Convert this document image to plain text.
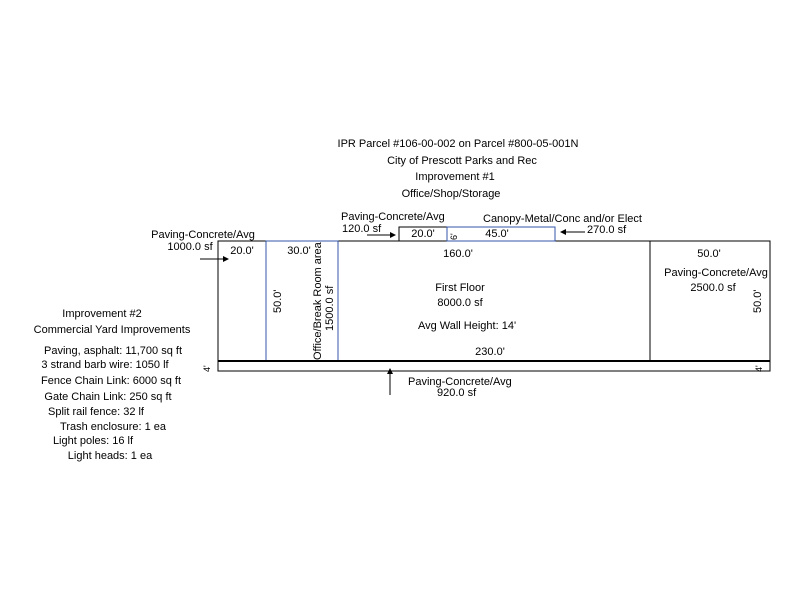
IPR Parcel #106-00-002 on Parcel #800-05-001N
City of Prescott Parks and Rec
Improvement #1
Office/Shop/Storage
Paving-Concrete/Avg
1000.0 sf
Paving-Concrete/Avg
120.0 sf	20.0'
Canopy-Metal/Conc and/or Elect
270.0 sf
45.0'
6'
20.0'	30.0'
50.0'	Office/Break Room area 1500.0 sf
160.0'
First Floor
8000.0 sf
Avg Wall Height: 14'
230.0'
50.0'
Paving-Concrete/Avg
2500.0 sf
50.0'
4'	4'
Paving-Concrete/Avg
920.0 sf
Improvement #2
Commercial Yard Improvements
Paving, asphalt: 11,700 sq ft
3 strand barb wire: 1050 lf
Fence Chain Link: 6000 sq ft
Gate Chain Link: 250 sq ft
Split rail fence: 32 lf
Trash enclosure: 1 ea
Light poles: 16 lf
Light heads: 1 ea
